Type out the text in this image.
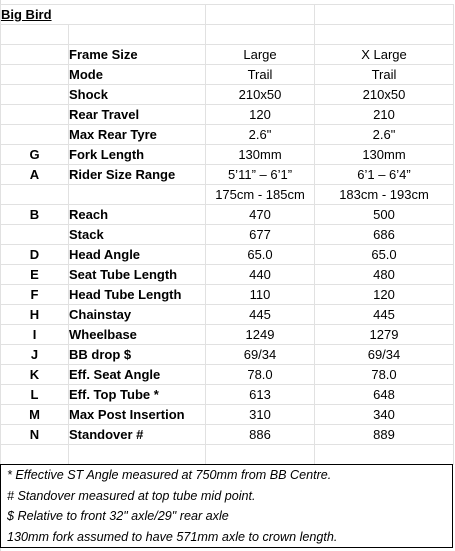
Big Bird			

	Frame Size	Large	X Large
	Mode	Trail	Trail
	Shock	210x50	210x50
	Rear Travel	120	210
	Max Rear Tyre	2.6"	2.6"
G	Fork Length	130mm	130mm
A	Rider Size Range	5’11” – 6’1”	6’1 – 6’4”
		175cm - 185cm	183cm - 193cm
B	Reach	470	500
	Stack	677	686
D	Head Angle	65.0	65.0
E	Seat Tube Length	440	480
F	Head Tube Length	110	120
H	Chainstay	445	445
I	Wheelbase	1249	1279
J	BB drop $	69/34	69/34
K	Eff. Seat Angle	78.0	78.0
L	Eff. Top Tube *	613	648
M	Max Post Insertion	310	340
N	Standover #	886	889

* Effective ST Angle measured at 750mm from BB Centre.
# Standover measured at top tube mid point.
$ Relative to front 32" axle/29" rear axle
130mm fork assumed to have 571mm axle to crown length.
